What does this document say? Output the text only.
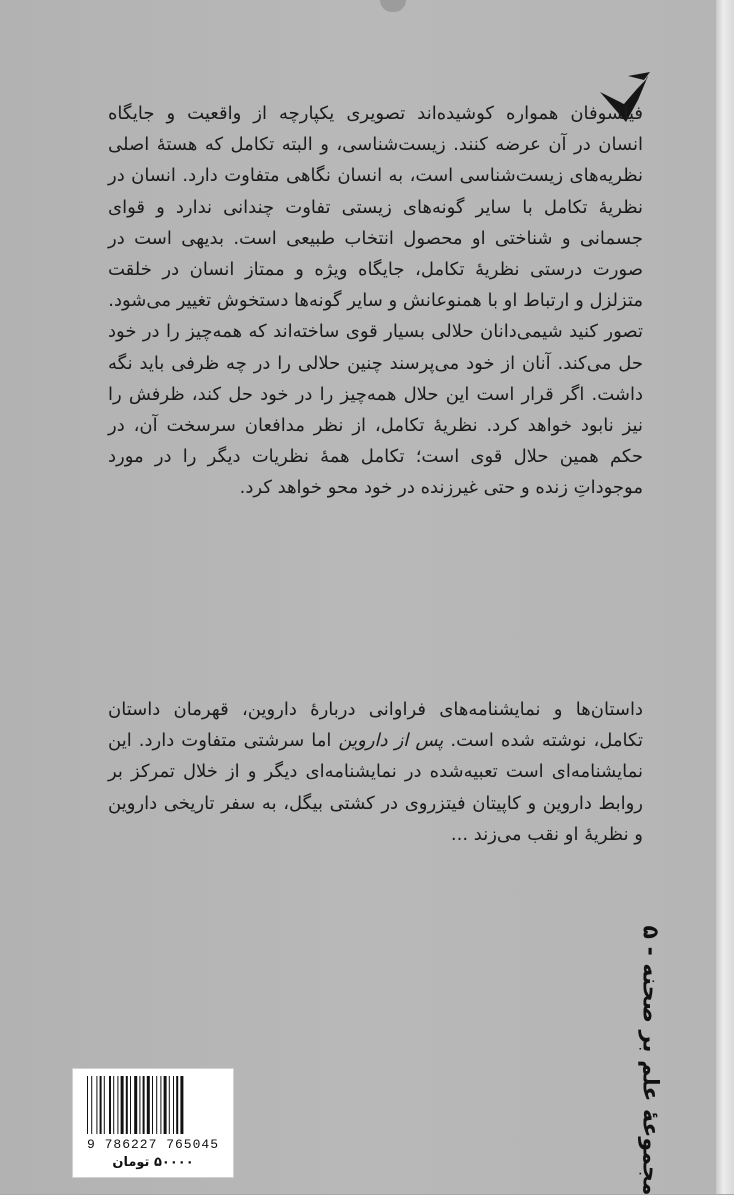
فیلسوفان همواره کوشیده‌اند تصویری یکپارچه از واقعیت و جایگاه انسان در آن عرضه کنند. زیست‌شناسی، و البته تکامل که هستهٔ اصلی نظریه‌های زیست‌شناسی است، به انسان نگاهی متفاوت دارد. انسان در نظریهٔ تکامل با سایر گونه‌های زیستی تفاوت چندانی ندارد و قوای جسمانی و شناختی او محصول انتخاب طبیعی است. بدیهی است در صورت درستی نظریهٔ تکامل، جایگاه ویژه و ممتاز انسان در خلقت متزلزل و ارتباط او با همنوعانش و سایر گونه‌ها دستخوش تغییر می‌شود.

تصور کنید شیمی‌دانان حلالی بسیار قوی ساخته‌اند که همه‌چیز را در خود حل می‌کند. آنان از خود می‌پرسند چنین حلالی را در چه ظرفی باید نگه داشت. اگر قرار است این حلال همه‌چیز را در خود حل کند، ظرفش را نیز نابود خواهد کرد. نظریهٔ تکامل، از نظر مدافعان سرسخت آن، در حکم همین حلال قوی است؛ تکامل همهٔ نظریات دیگر را در مورد موجوداتِ زنده و حتی غیرزنده در خود محو خواهد کرد.

داستان‌ها و نمایشنامه‌های فراوانی دربارهٔ داروین، قهرمان داستان تکامل، نوشته شده است. پس از داروین اما سرشتی متفاوت دارد. این نمایشنامه‌ای است تعبیه‌شده در نمایشنامه‌ای دیگر و از خلال تمرکز بر روابط داروین و کاپیتان فیتزروی در کشتی بیگل، به سفر تاریخی داروین و نظریهٔ او نقب می‌زند ...

مجموعهٔ علم بر صحنه - ۵
9 786227 765045
۵۰۰۰۰ تومان
